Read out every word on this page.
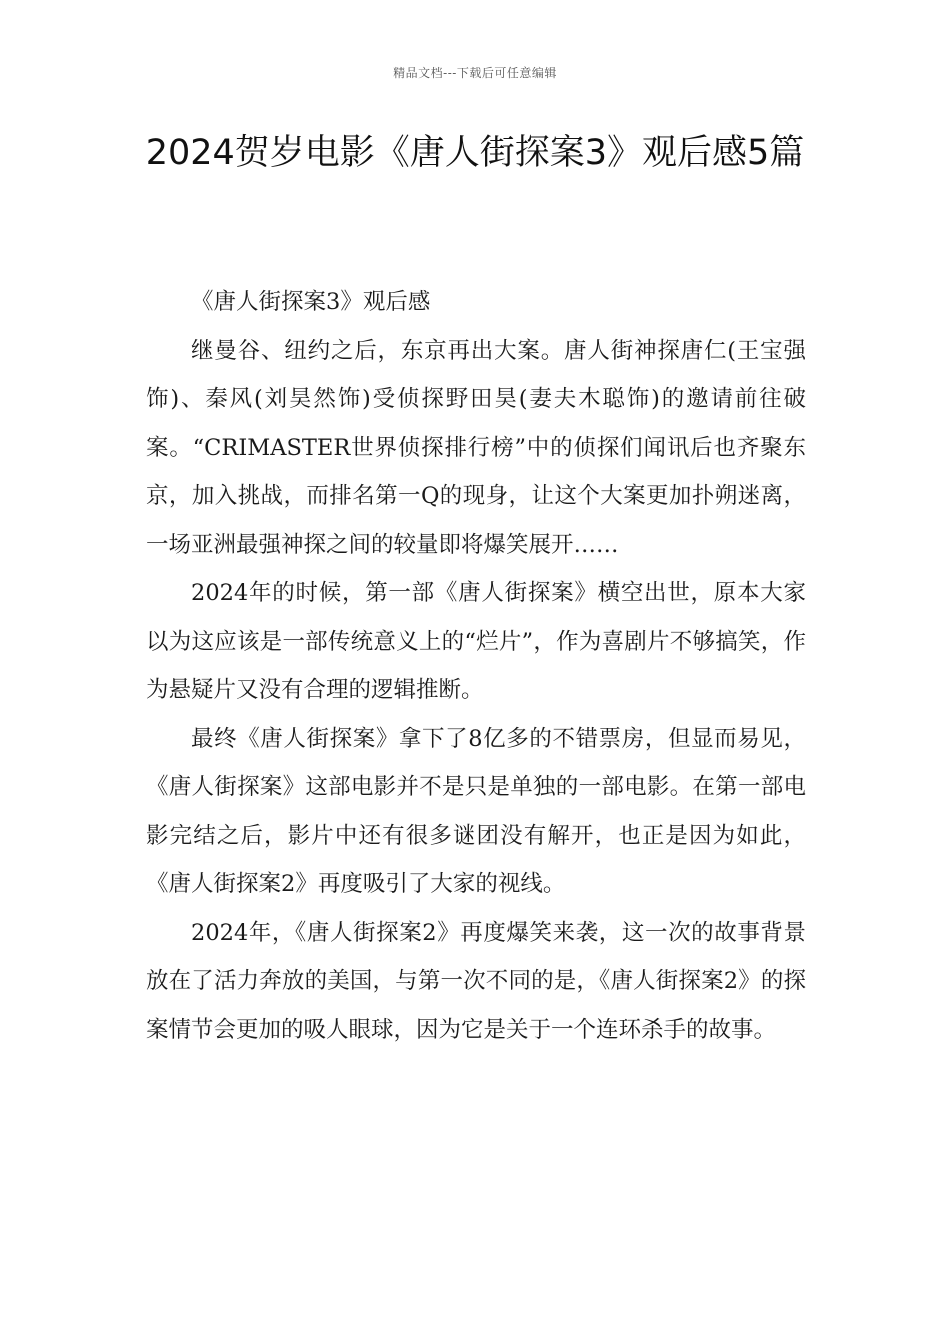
精品文档---下载后可任意编辑
2024贺岁电影《唐人街探案3》观后感5篇

《唐人街探案3》观后感

继曼谷、纽约之后，东京再出大案。唐人街神探唐仁(王宝强饰)、秦风(刘昊然饰)受侦探野田昊(妻夫木聪饰)的邀请前往破案。“CRIMASTER世界侦探排行榜”中的侦探们闻讯后也齐聚东京，加入挑战，而排名第一Q的现身，让这个大案更加扑朔迷离，一场亚洲最强神探之间的较量即将爆笑展开……

2024年的时候，第一部《唐人街探案》横空出世，原本大家以为这应该是一部传统意义上的“烂片”，作为喜剧片不够搞笑，作为悬疑片又没有合理的逻辑推断。

最终《唐人街探案》拿下了8亿多的不错票房，但显而易见，《唐人街探案》这部电影并不是只是单独的一部电影。在第一部电影完结之后，影片中还有很多谜团没有解开，也正是因为如此，《唐人街探案2》再度吸引了大家的视线。

2024年，《唐人街探案2》再度爆笑来袭，这一次的故事背景放在了活力奔放的美国，与第一次不同的是，《唐人街探案2》的探案情节会更加的吸人眼球，因为它是关于一个连环杀手的故事。
